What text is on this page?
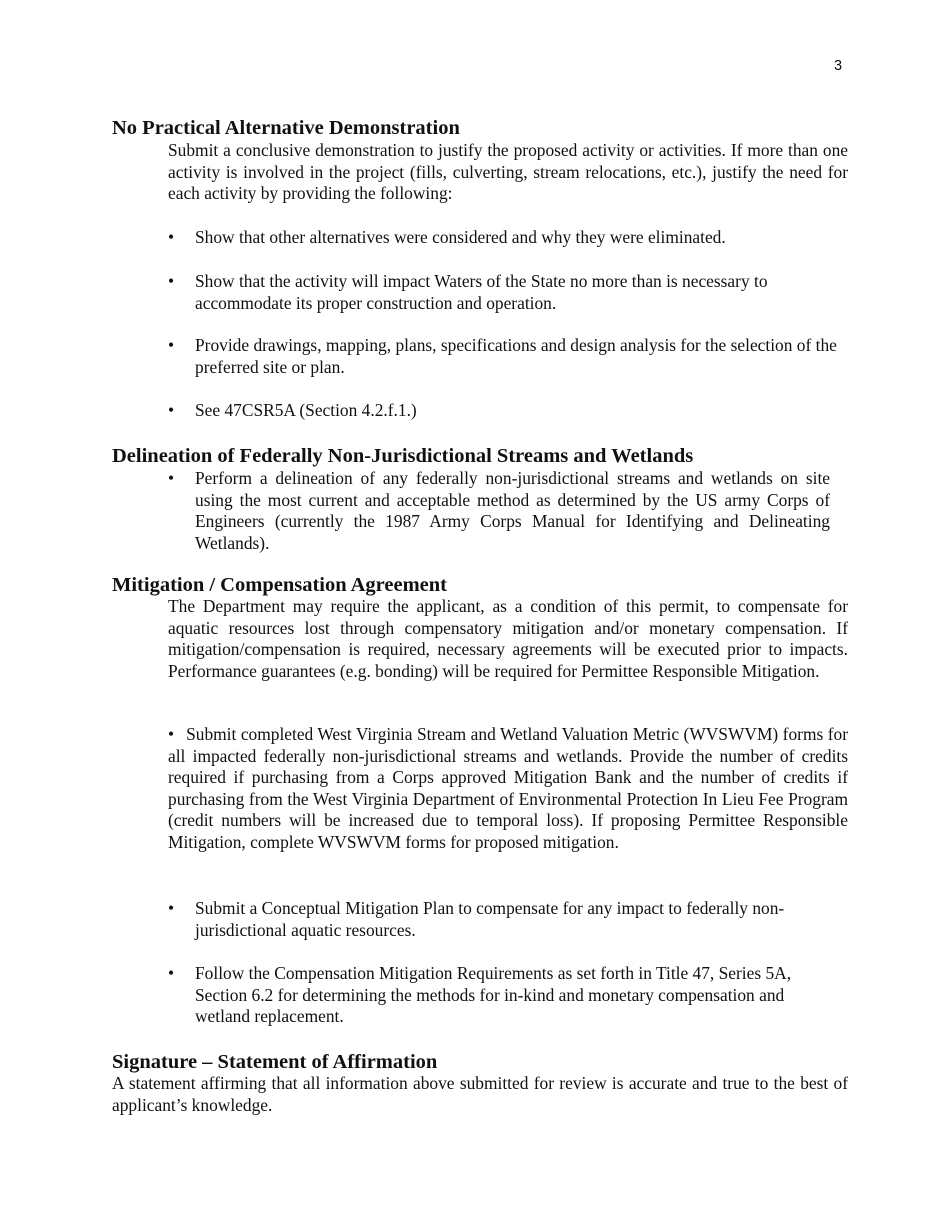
3
No Practical Alternative Demonstration

Submit a conclusive demonstration to justify the proposed activity or activities. If more than one activity is involved in the project (fills, culverting, stream relocations, etc.), justify the need for each activity by providing the following:

• Show that other alternatives were considered and why they were eliminated.

• Show that the activity will impact Waters of the State no more than is necessary to accommodate its proper construction and operation.

• Provide drawings, mapping, plans, specifications and design analysis for the selection of the preferred site or plan.

• See 47CSR5A (Section 4.2.f.1.)

Delineation of Federally Non-Jurisdictional Streams and Wetlands
• Perform a delineation of any federally non-jurisdictional streams and wetlands on site using the most current and acceptable method as determined by the US army Corps of Engineers (currently the 1987 Army Corps Manual for Identifying and Delineating Wetlands).

Mitigation / Compensation Agreement

The Department may require the applicant, as a condition of this permit, to compensate for aquatic resources lost through compensatory mitigation and/or monetary compensation. If mitigation/compensation is required, necessary agreements will be executed prior to impacts. Performance guarantees (e.g. bonding) will be required for Permittee Responsible Mitigation.

• Submit completed West Virginia Stream and Wetland Valuation Metric (WVSWVM) forms for all impacted federally non-jurisdictional streams and wetlands. Provide the number of credits required if purchasing from a Corps approved Mitigation Bank and the number of credits if purchasing from the West Virginia Department of Environmental Protection In Lieu Fee Program (credit numbers will be increased due to temporal loss). If proposing Permittee Responsible Mitigation, complete WVSWVM forms for proposed mitigation.

• Submit a Conceptual Mitigation Plan to compensate for any impact to federally non-jurisdictional aquatic resources.

• Follow the Compensation Mitigation Requirements as set forth in Title 47, Series 5A, Section 6.2 for determining the methods for in-kind and monetary compensation and wetland replacement.

Signature – Statement of Affirmation

A statement affirming that all information above submitted for review is accurate and true to the best of applicant’s knowledge.
